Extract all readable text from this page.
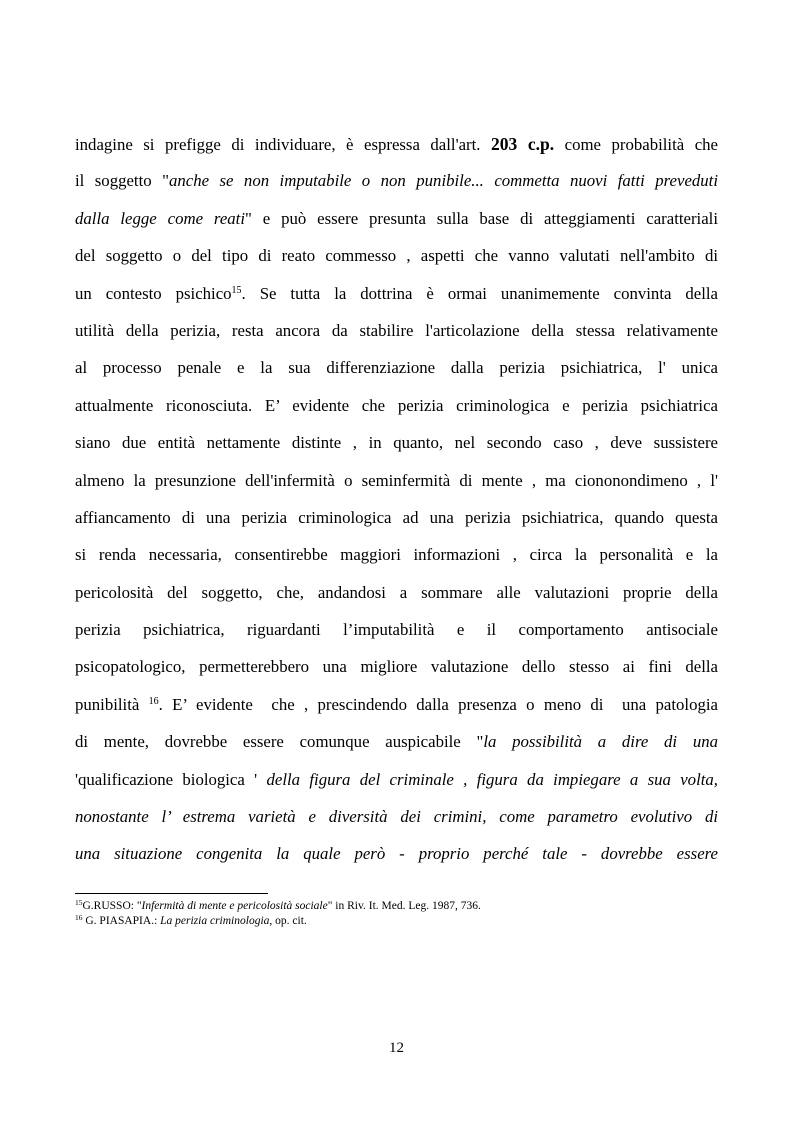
indagine si prefigge di individuare, è espressa dall'art. 203 c.p. come probabilità che
il soggetto "anche se non imputabile o non punibile... commetta nuovi fatti preveduti
dalla legge come reati" e può essere presunta sulla base di atteggiamenti caratteriali
del soggetto o del tipo di reato commesso , aspetti che vanno valutati nell'ambito di
un contesto psichico$^{15}$. Se tutta la dottrina è ormai unanimemente convinta della
utilità della perizia, resta ancora da stabilire l'articolazione della stessa relativamente
al processo penale e la sua differenziazione dalla perizia psichiatrica, l' unica
attualmente riconosciuta. E’ evidente che perizia criminologica e perizia psichiatrica
siano due entità nettamente distinte , in quanto, nel secondo caso , deve sussistere
almeno la presunzione dell'infermità o seminfermità di mente , ma ciononondimeno , l'
affiancamento di una perizia criminologica ad una perizia psichiatrica, quando questa
si renda necessaria, consentirebbe maggiori informazioni , circa la personalità e la
pericolosità del soggetto, che, andandosi a sommare alle valutazioni proprie della
perizia psichiatrica, riguardanti l’imputabilità e il comportamento antisociale
psicopatologico, permetterebbero una migliore valutazione dello stesso ai fini della
punibilità $^{16}$. E’ evidente  che , prescindendo dalla presenza o meno di  una patologia
di mente, dovrebbe essere comunque auspicabile "la possibilità a dire di una
'qualificazione biologica ' della figura del criminale , figura da impiegare a sua volta,
nonostante l’ estrema varietà e diversità dei crimini, come parametro evolutivo di
una situazione congenita la quale però - proprio perché tale - dovrebbe essere
$^{15}$G.RUSSO: "Infermità di mente e pericolosità sociale" in Riv. It. Med. Leg. 1987, 736.
$^{16}$ G. PIASAPIA.: La perizia criminologia, op. cit.
12
